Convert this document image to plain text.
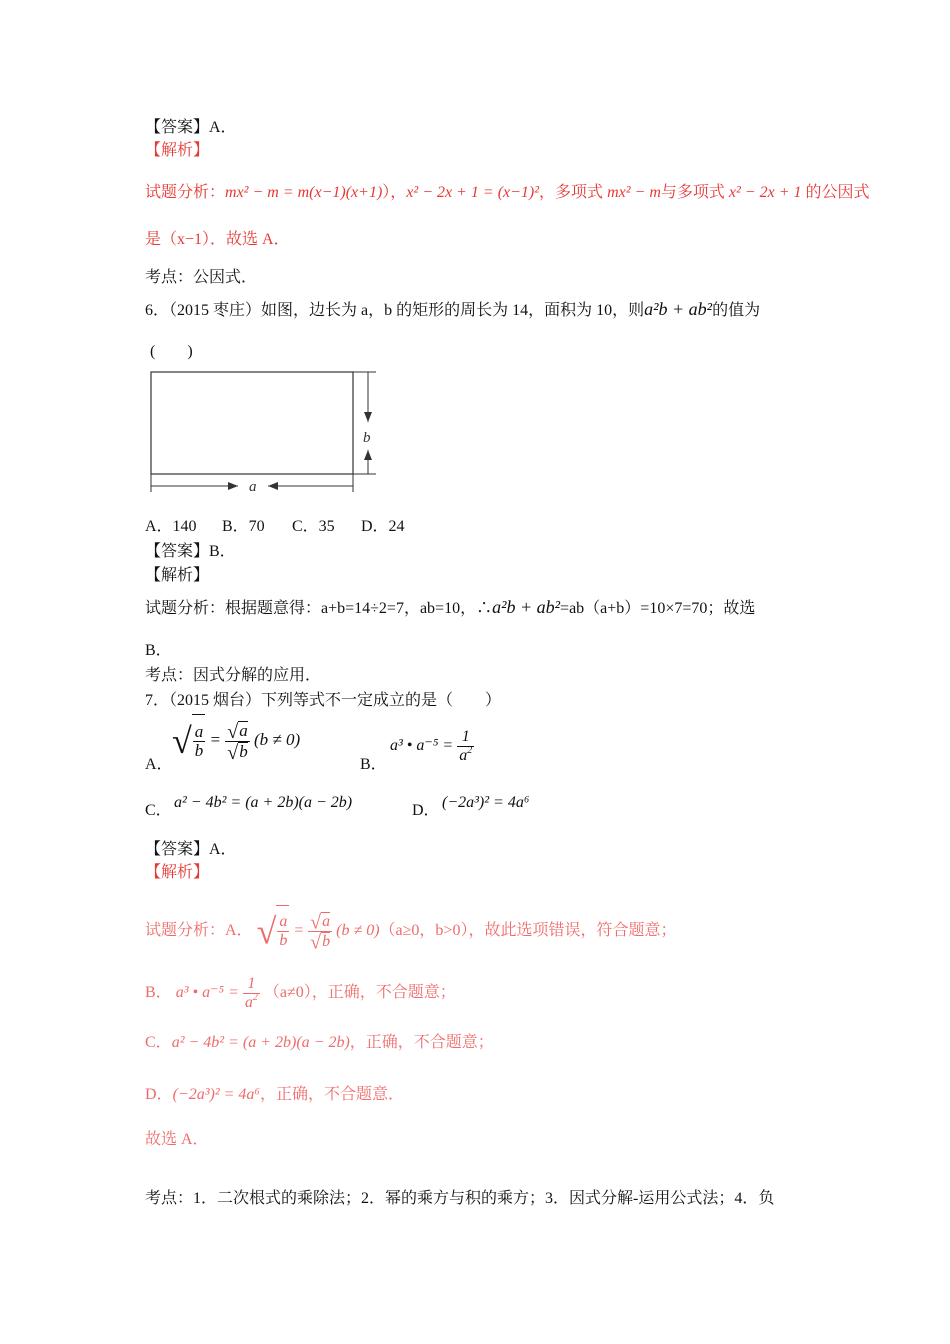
【答案】A．
【解析】
试题分析：mx² − m = m(x−1)(x+1)），x² − 2x + 1 = (x−1)²，多项式 mx² − m与多项式 x² − 2x + 1 的公因式
是（x−1）．故选 A．
考点：公因式．
6．（2015 枣庄）如图，边长为 a，b 的矩形的周长为 14，面积为 10，则a²b + ab²的值为
(　　)
a
b
A．140 B．70 C．35 D．24
【答案】B．
【解析】
试题分析：根据题意得：a+b=14÷2=7，ab=10，∴a²b + ab²=ab（a+b）=10×7=70；故选
B．
考点：因式分解的应用．
7．（2015 烟台）下列等式不一定成立的是（　　）
A．
√ $\frac{a}{b} = \frac{√a}{√b} (b \ne 0)$
B．
a³ • $a^{-5} = \frac{1}{a^2}$
C． a² − 4b² = (a + 2b)(a − 2b)	D． (−2a³)² = 4a⁶
【答案】A．
【解析】
试题分析：A． √ $\frac{a}{b} = \frac{√a}{√b} (b \ne 0)(a\ge 0$，b>0），故此选项错误，符合题意；
B． a³ • $a^{-5} = \frac{1}{a^2} (a\ne 0)$，正确，不合题意；
C．a² − 4b² = (a + 2b)(a − 2b)，正确，不合题意；
D．(−2a³)² = 4a⁶，正确，不合题意．
故选 A．
考点：1．二次根式的乘除法；2．幂的乘方与积的乘方；3．因式分解-运用公式法；4．负
